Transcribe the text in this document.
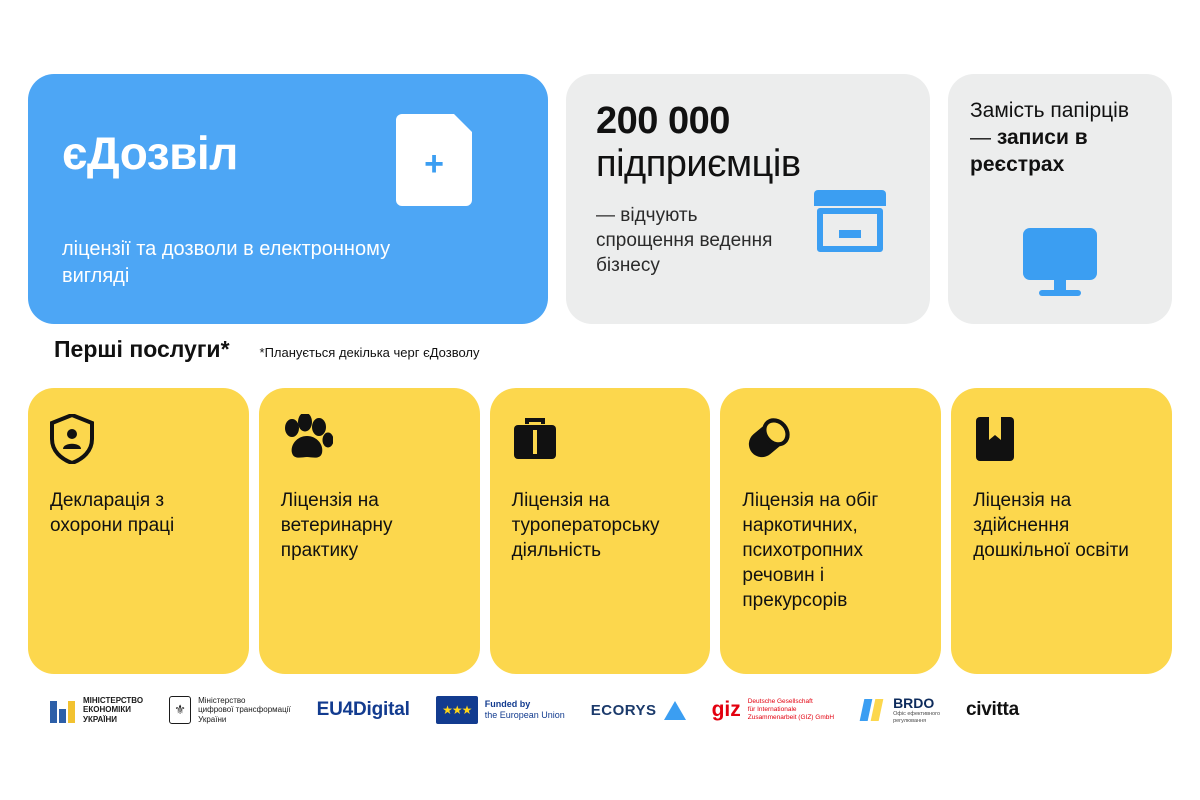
єДозвіл
ліцензії та дозволи в електронному вигляді
+
200 000
підприємців
— відчують спрощення ведення бізнесу
Замість папірців — записи в реєстрах
Перші послуги* *Планується декілька черг єДозволу
Декларація з охорони праці
Ліцензія на ветеринарну практику
Ліцензія на туроператорську діяльність
Ліцензія на обіг наркотичних, психотропних речовин і прекурсорів
Ліцензія на здійснення дошкільної освіти
МІНІСТЕРСТВО
ЕКОНОМІКИ
УКРАЇНИ
⚜
Міністерство
цифрової трансформації
України	EU4Digital	★★★	Funded by
the European Union ECORYS	giz Deutsche Gesellschaft
für Internationale
Zusammenarbeit (GIZ) GmbH
BRDO
Офіс ефективного
регулювання
civitta
